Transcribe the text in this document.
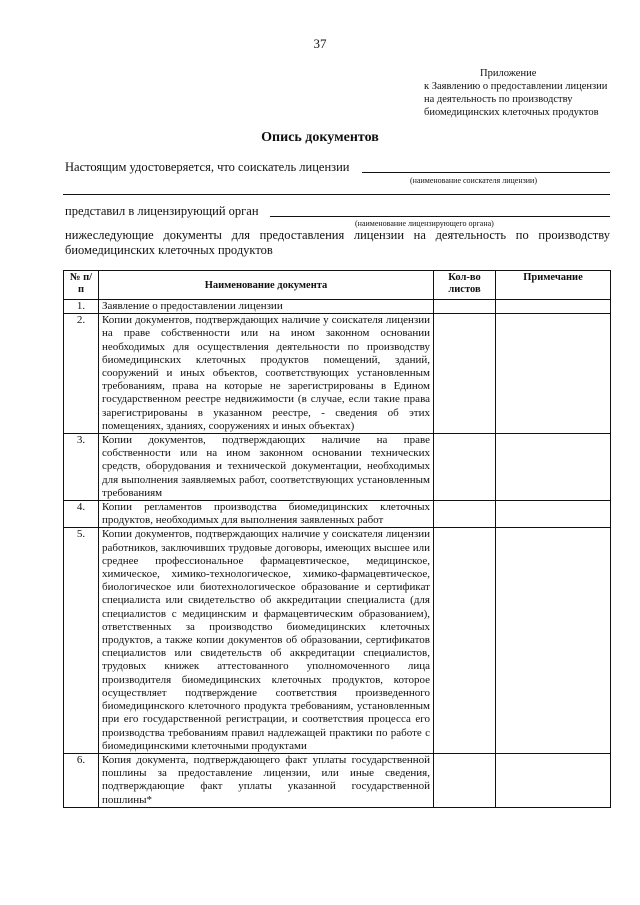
37
Приложение
к Заявлению о предоставлении лицензии
на деятельность по производству
биомедицинских клеточных продуктов
Опись документов
Настоящим удостоверяется, что соискатель лицензии
(наименование соискателя лицензии)
представил в лицензирующий орган
(наименование лицензирующего органа)
нижеследующие документы для предоставления лицензии на деятельность по производству биомедицинских клеточных продуктов
№ п/п	Наименование документа	Кол-во листов	Примечание
1.	Заявление о предоставлении лицензии		
2.	Копии документов, подтверждающих наличие у соискателя лицензии на праве собственности или на ином законном основании необходимых для осуществления деятельности по производству биомедицинских клеточных продуктов помещений, зданий, сооружений и иных объектов, соответствующих установленным требованиям, права на которые не зарегистрированы в Едином государственном реестре недвижимости (в случае, если такие права зарегистрированы в указанном реестре, - сведения об этих помещениях, зданиях, сооружениях и иных объектах)		
3.	Копии документов, подтверждающих наличие на праве собственности или на ином законном основании технических средств, оборудования и технической документации, необходимых для выполнения заявляемых работ, соответствующих установленным требованиям		
4.	Копии регламентов производства биомедицинских клеточных продуктов, необходимых для выполнения заявленных работ		
5.	Копии документов, подтверждающих наличие у соискателя лицензии работников, заключивших трудовые договоры, имеющих высшее или среднее профессиональное фармацевтическое, медицинское, химическое, химико-технологическое, химико-фармацевтическое, биологическое или биотехнологическое образование и сертификат специалиста или свидетельство об аккредитации специалиста (для специалистов с медицинским и фармацевтическим образованием), ответственных за производство биомедицинских клеточных продуктов, а также копии документов об образовании, сертификатов специалистов или свидетельств об аккредитации специалистов, трудовых книжек аттестованного уполномоченного лица производителя биомедицинских клеточных продуктов, которое осуществляет подтверждение соответствия произведенного биомедицинского клеточного продукта требованиям, установленным при его государственной регистрации, и соответствия процесса его производства требованиям правил надлежащей практики по работе с биомедицинскими клеточными продуктами		
6.	Копия документа, подтверждающего факт уплаты государственной пошлины за предоставление лицензии, или иные сведения, подтверждающие факт уплаты указанной государственной пошлины*		
